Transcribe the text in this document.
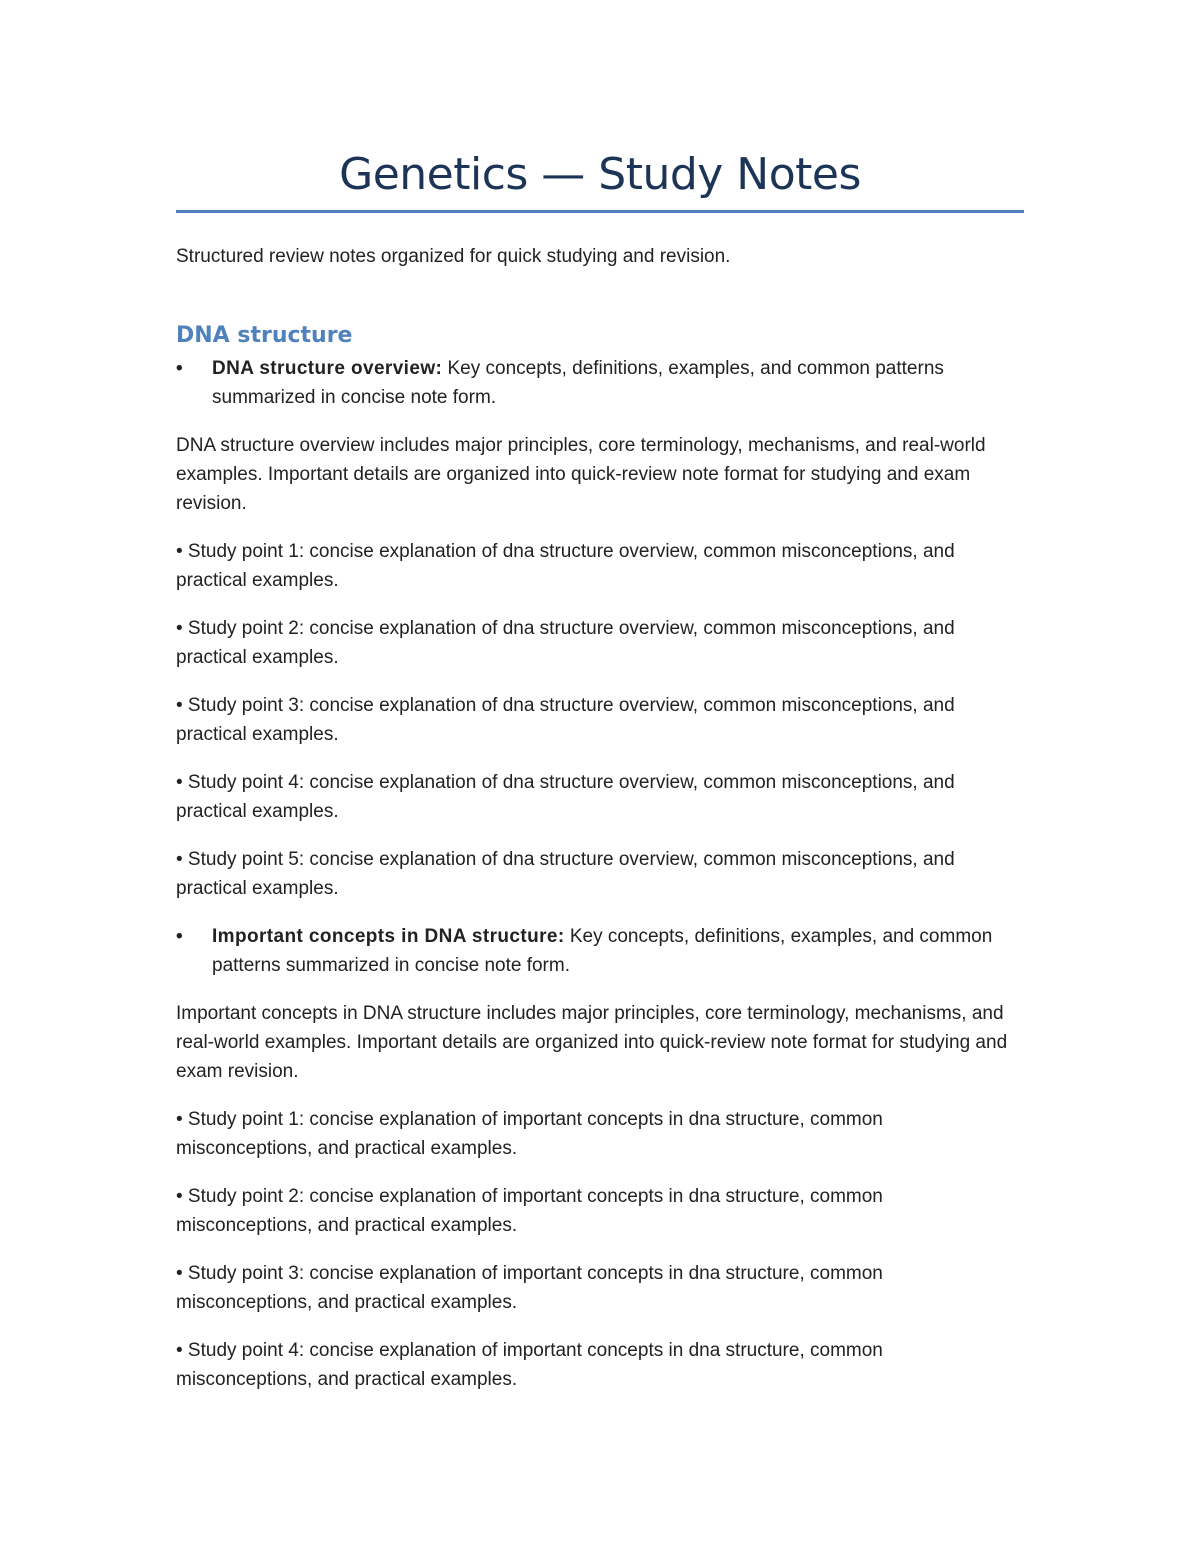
Genetics — Study Notes

Structured review notes organized for quick studying and revision.

DNA structure

•	DNA structure overview: Key concepts, definitions, examples, and common patterns summarized in concise note form.

DNA structure overview includes major principles, core terminology, mechanisms, and real-world examples. Important details are organized into quick-review note format for studying and exam revision.

• Study point 1: concise explanation of dna structure overview, common misconceptions, and practical examples.

• Study point 2: concise explanation of dna structure overview, common misconceptions, and practical examples.

• Study point 3: concise explanation of dna structure overview, common misconceptions, and practical examples.

• Study point 4: concise explanation of dna structure overview, common misconceptions, and practical examples.

• Study point 5: concise explanation of dna structure overview, common misconceptions, and practical examples.

•	Important concepts in DNA structure: Key concepts, definitions, examples, and common patterns summarized in concise note form.

Important concepts in DNA structure includes major principles, core terminology, mechanisms, and real-world examples. Important details are organized into quick-review note format for studying and exam revision.

• Study point 1: concise explanation of important concepts in dna structure, common misconceptions, and practical examples.

• Study point 2: concise explanation of important concepts in dna structure, common misconceptions, and practical examples.

• Study point 3: concise explanation of important concepts in dna structure, common misconceptions, and practical examples.

• Study point 4: concise explanation of important concepts in dna structure, common misconceptions, and practical examples.
